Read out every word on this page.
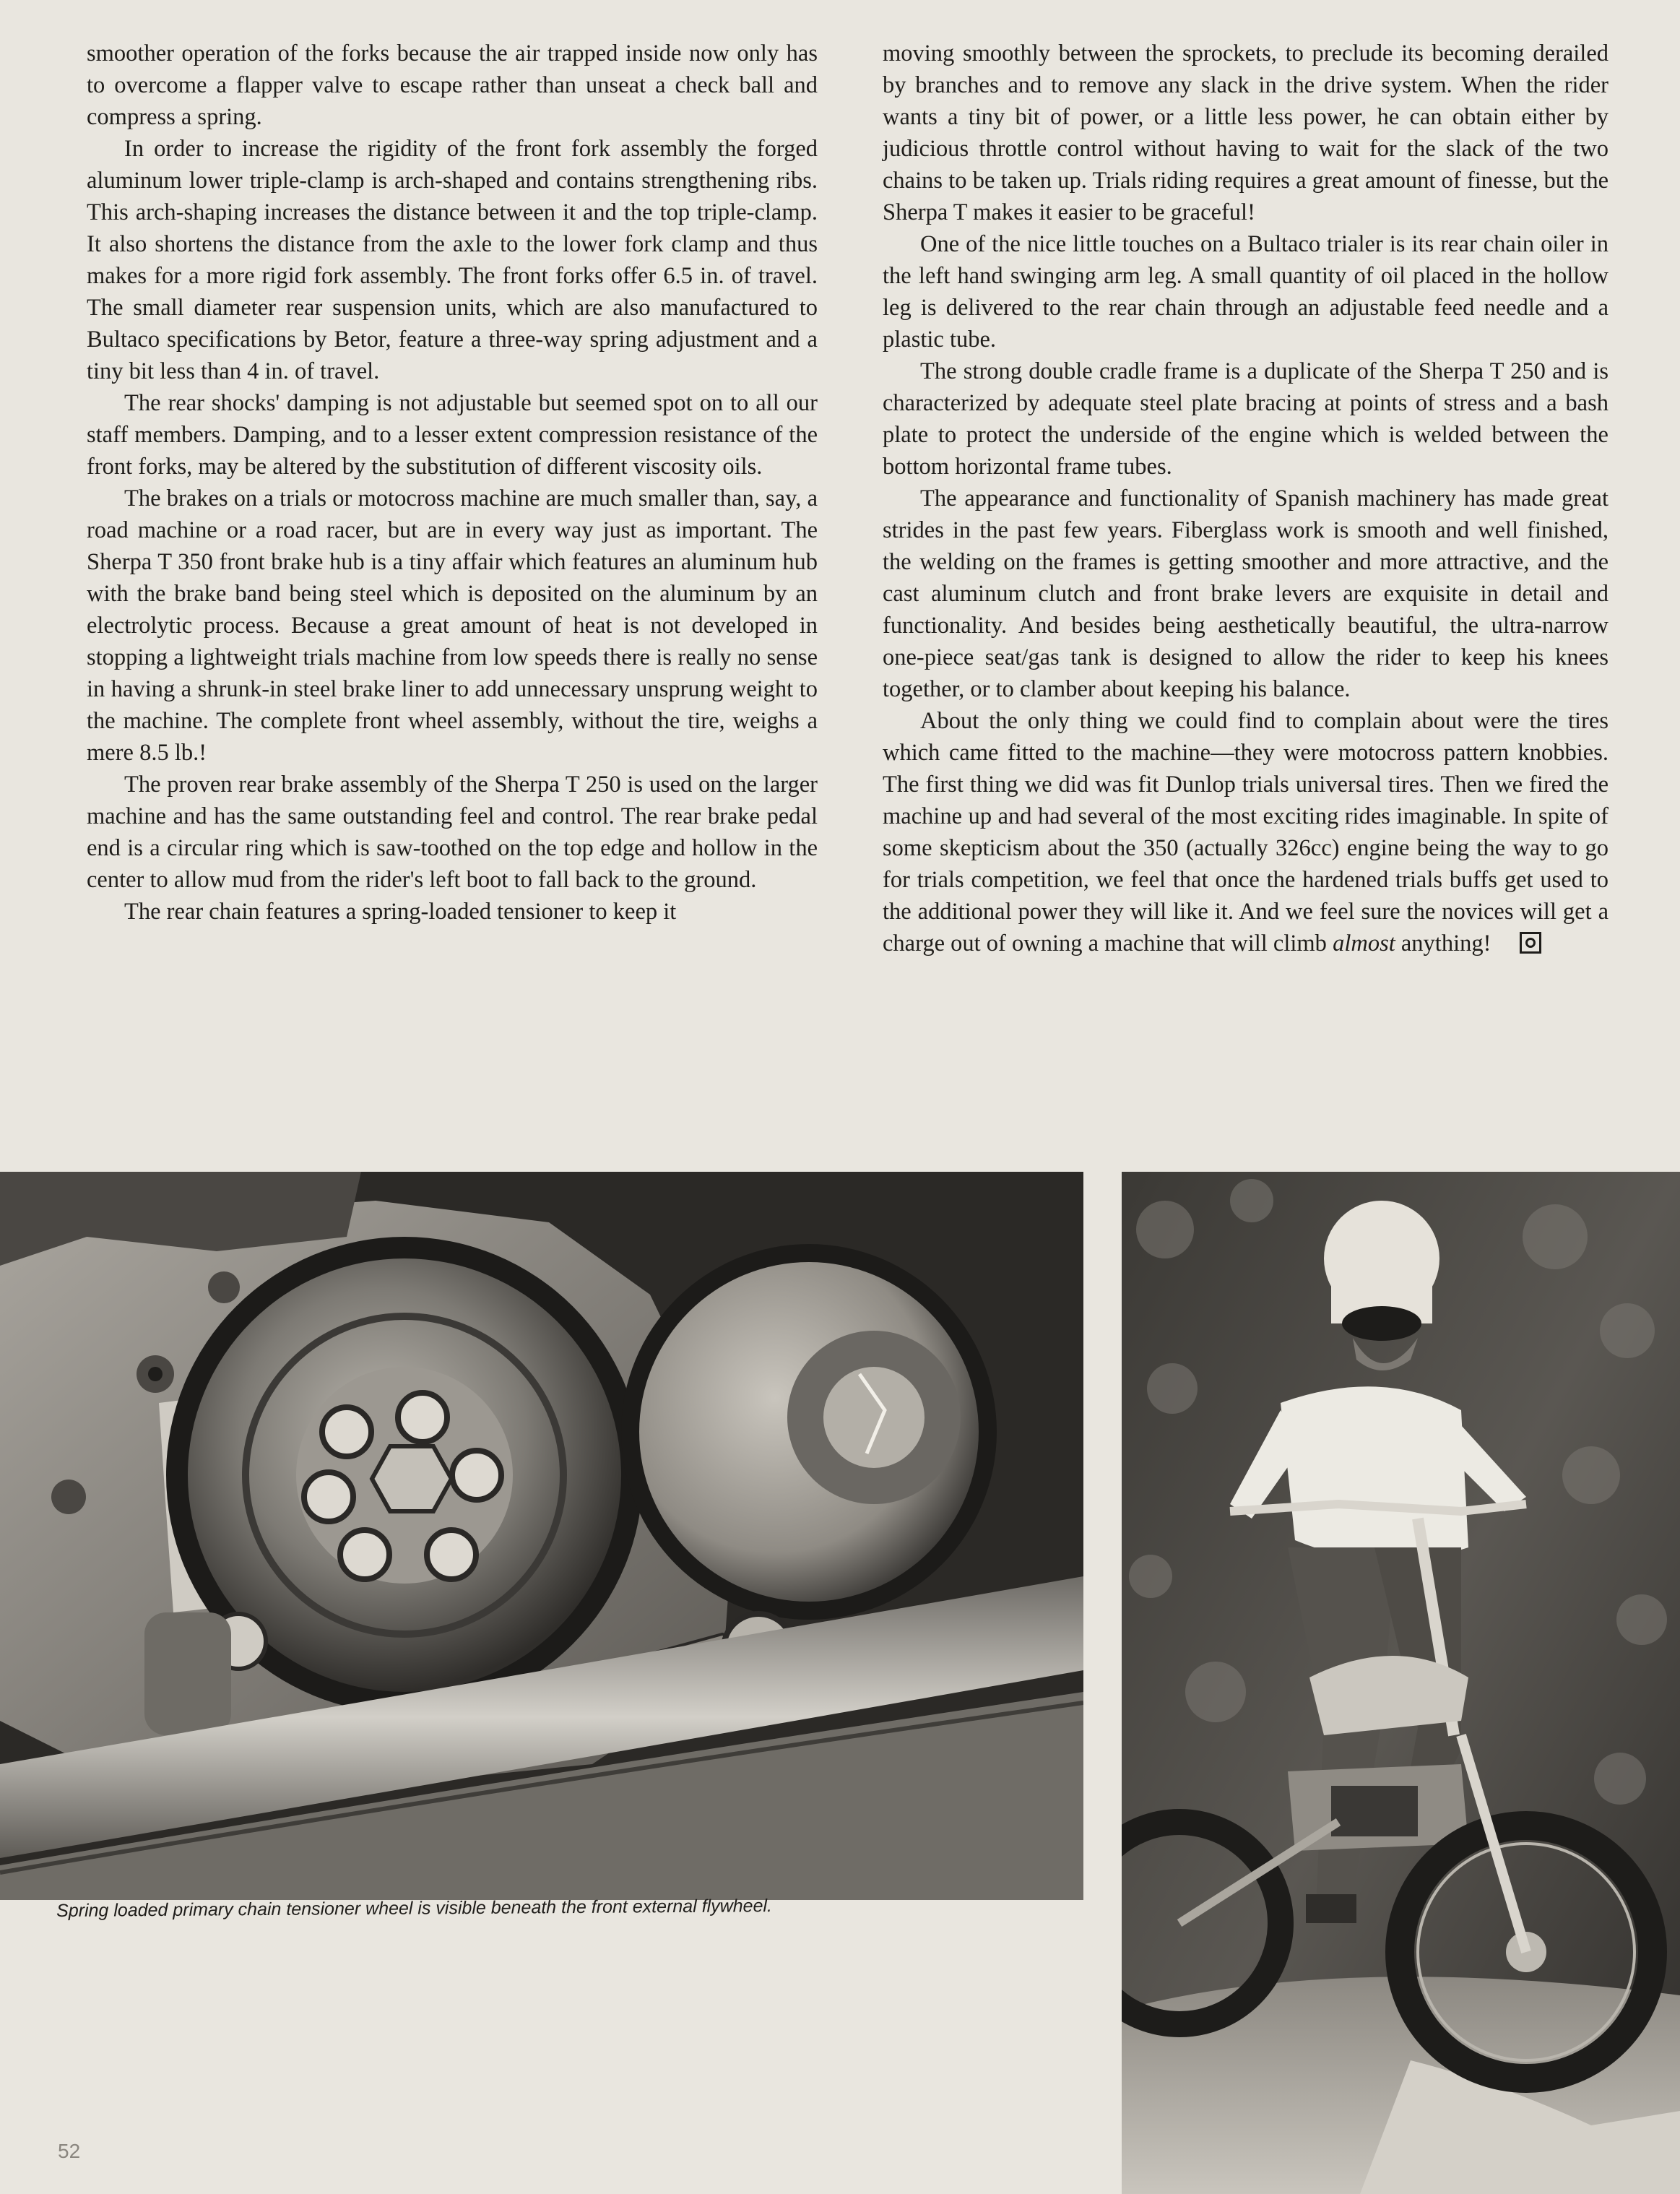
smoother operation of the forks because the air trapped inside now only has to overcome a flapper valve to escape rather than unseat a check ball and compress a spring.

In order to increase the rigidity of the front fork assembly the forged aluminum lower triple-clamp is arch-shaped and contains strengthening ribs. This arch-shaping increases the distance between it and the top triple-clamp. It also shortens the distance from the axle to the lower fork clamp and thus makes for a more rigid fork assembly. The front forks offer 6.5 in. of travel. The small diameter rear suspension units, which are also manufactured to Bultaco specifications by Betor, feature a three-way spring adjustment and a tiny bit less than 4 in. of travel.

The rear shocks' damping is not adjustable but seemed spot on to all our staff members. Damping, and to a lesser extent compression resistance of the front forks, may be altered by the substitution of different viscosity oils.

The brakes on a trials or motocross machine are much smaller than, say, a road machine or a road racer, but are in every way just as important. The Sherpa T 350 front brake hub is a tiny affair which features an aluminum hub with the brake band being steel which is deposited on the aluminum by an electrolytic process. Because a great amount of heat is not developed in stopping a lightweight trials machine from low speeds there is really no sense in having a shrunk-in steel brake liner to add unnecessary unsprung weight to the machine. The complete front wheel assembly, without the tire, weighs a mere 8.5 lb.!

The proven rear brake assembly of the Sherpa T 250 is used on the larger machine and has the same outstanding feel and control. The rear brake pedal end is a circular ring which is saw-toothed on the top edge and hollow in the center to allow mud from the rider's left boot to fall back to the ground.

The rear chain features a spring-loaded tensioner to keep it

moving smoothly between the sprockets, to preclude its becoming derailed by branches and to remove any slack in the drive system. When the rider wants a tiny bit of power, or a little less power, he can obtain either by judicious throttle control without having to wait for the slack of the two chains to be taken up. Trials riding requires a great amount of finesse, but the Sherpa T makes it easier to be graceful!

One of the nice little touches on a Bultaco trialer is its rear chain oiler in the left hand swinging arm leg. A small quantity of oil placed in the hollow leg is delivered to the rear chain through an adjustable feed needle and a plastic tube.

The strong double cradle frame is a duplicate of the Sherpa T 250 and is characterized by adequate steel plate bracing at points of stress and a bash plate to protect the underside of the engine which is welded between the bottom horizontal frame tubes.

The appearance and functionality of Spanish machinery has made great strides in the past few years. Fiberglass work is smooth and well finished, the welding on the frames is getting smoother and more attractive, and the cast aluminum clutch and front brake levers are exquisite in detail and functionality. And besides being aesthetically beautiful, the ultra-narrow one-piece seat/gas tank is designed to allow the rider to keep his knees together, or to clamber about keeping his balance.

About the only thing we could find to complain about were the tires which came fitted to the machine—they were motocross pattern knobbies. The first thing we did was fit Dunlop trials universal tires. Then we fired the machine up and had several of the most exciting rides imaginable. In spite of some skepticism about the 350 (actually 326cc) engine being the way to go for trials competition, we feel that once the hardened trials buffs get used to the additional power they will like it. And we feel sure the novices will get a charge out of owning a machine that will climb almost anything!

Spring loaded primary chain tensioner wheel is visible beneath the front external flywheel.
52
